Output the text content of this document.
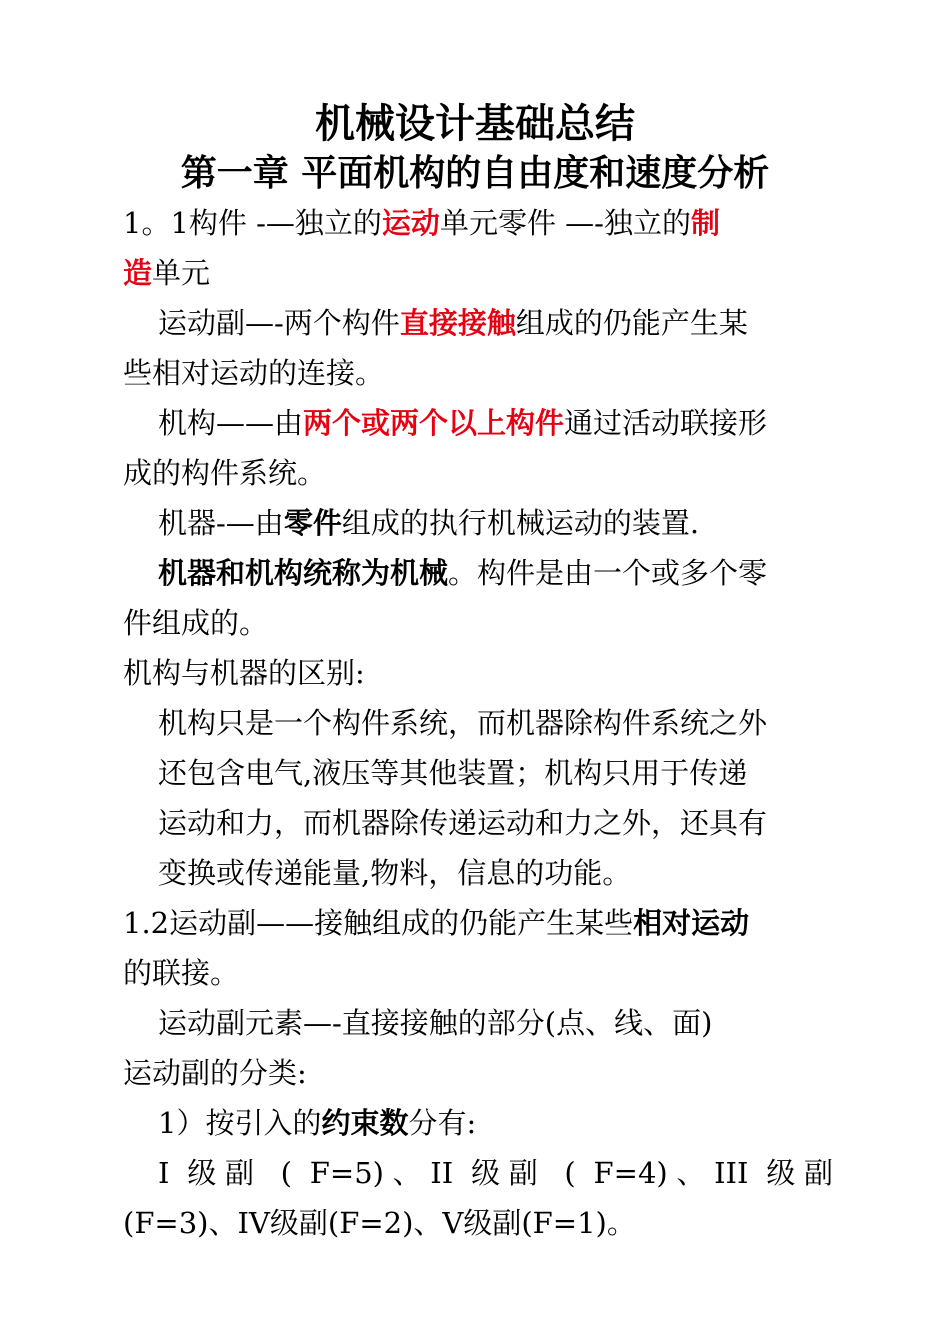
机械设计基础总结
第一章 平面机构的自由度和速度分析

1。1构件 -—独立的运动单元零件 —-独立的制

造单元

运动副—-两个构件直接接触组成的仍能产生某

些相对运动的连接。

机构——由两个或两个以上构件通过活动联接形

成的构件系统。

机器-—由零件组成的执行机械运动的装置.

机器和机构统称为机械。构件是由一个或多个零

件组成的。

机构与机器的区别:

机构只是一个构件系统，而机器除构件系统之外

还包含电气,液压等其他装置；机构只用于传递

运动和力，而机器除传递运动和力之外，还具有

变换或传递能量,物料，信息的功能。

1.2运动副——接触组成的仍能产生某些相对运动

的联接。

运动副元素—-直接接触的部分(点、线、面)

运动副的分类:

1）按引入的约束数分有:

I 级副 ( F=5)、II 级副 ( F=4)、III 级副

(F=3)、IV级副(F=2)、V级副(F=1)。
